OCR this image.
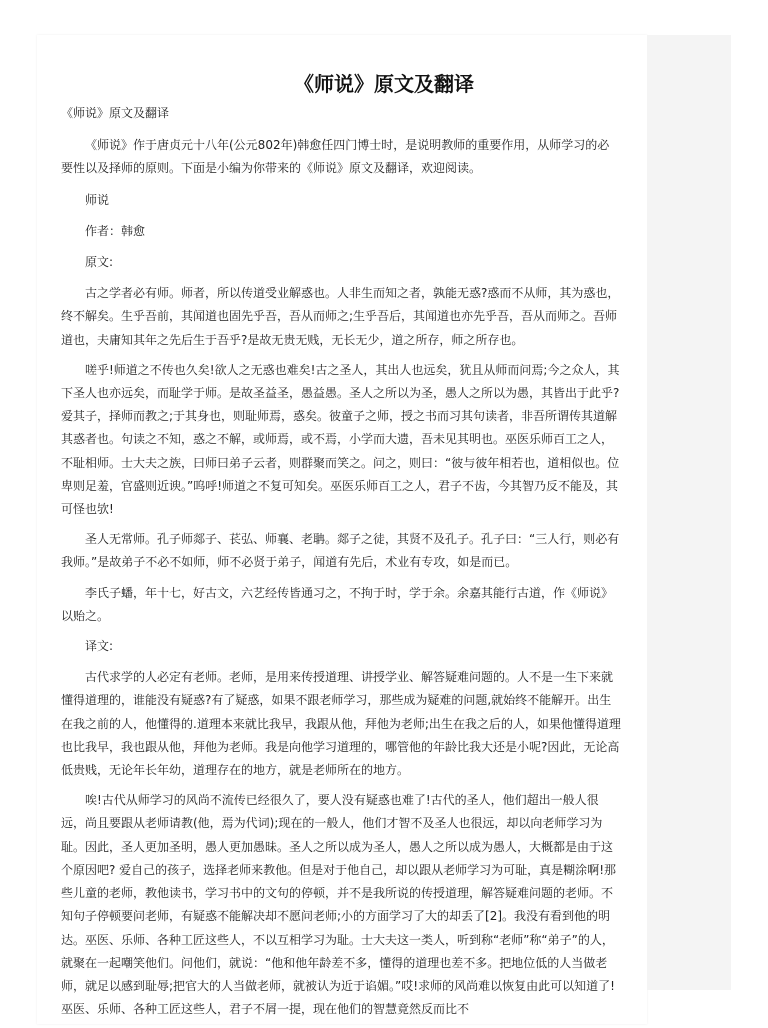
《师说》原文及翻译

《师说》原文及翻译

《师说》作于唐贞元十八年(公元802年)韩愈任四门博士时，是说明教师的重要作用，从师学习的必要性以及择师的原则。下面是小编为你带来的《师说》原文及翻译，欢迎阅读。

师说

作者：韩愈

原文:

古之学者必有师。师者，所以传道受业解惑也。人非生而知之者，孰能无惑?惑而不从师，其为惑也，终不解矣。生乎吾前，其闻道也固先乎吾，吾从而师之;生乎吾后，其闻道也亦先乎吾，吾从而师之。吾师道也，夫庸知其年之先后生于吾乎?是故无贵无贱，无长无少，道之所存，师之所存也。

嗟乎!师道之不传也久矣!欲人之无惑也难矣!古之圣人，其出人也远矣，犹且从师而问焉;今之众人，其下圣人也亦远矣，而耻学于师。是故圣益圣，愚益愚。圣人之所以为圣，愚人之所以为愚，其皆出于此乎?爱其子，择师而教之;于其身也，则耻师焉，惑矣。彼童子之师，授之书而习其句读者，非吾所谓传其道解其惑者也。句读之不知，惑之不解，或师焉，或不焉，小学而大遗，吾未见其明也。巫医乐师百工之人，不耻相师。士大夫之族，曰师曰弟子云者，则群聚而笑之。问之，则曰：“彼与彼年相若也，道相似也。位卑则足羞，官盛则近谀。”呜呼!师道之不复可知矣。巫医乐师百工之人，君子不齿，今其智乃反不能及，其可怪也欤!

圣人无常师。孔子师郯子、苌弘、师襄、老聃。郯子之徒，其贤不及孔子。孔子曰：“三人行，则必有我师。”是故弟子不必不如师，师不必贤于弟子，闻道有先后，术业有专攻，如是而已。

李氏子蟠，年十七，好古文，六艺经传皆通习之，不拘于时，学于余。余嘉其能行古道，作《师说》以贻之。

译文:

古代求学的人必定有老师。老师，是用来传授道理、讲授学业、解答疑难问题的。人不是一生下来就懂得道理的，谁能没有疑惑?有了疑惑，如果不跟老师学习，那些成为疑难的问题,就始终不能解开。出生在我之前的人，他懂得的.道理本来就比我早，我跟从他，拜他为老师;出生在我之后的人，如果他懂得道理也比我早，我也跟从他，拜他为老师。我是向他学习道理的，哪管他的年龄比我大还是小呢?因此，无论高低贵贱，无论年长年幼，道理存在的地方，就是老师所在的地方。

唉!古代从师学习的风尚不流传已经很久了，要人没有疑惑也难了!古代的圣人，他们超出一般人很远，尚且要跟从老师请教(他，焉为代词);现在的一般人，他们才智不及圣人也很远，却以向老师学习为耻。因此，圣人更加圣明，愚人更加愚昧。圣人之所以成为圣人，愚人之所以成为愚人，大概都是由于这个原因吧? 爱自己的孩子，选择老师来教他。但是对于他自己，却以跟从老师学习为可耻，真是糊涂啊!那些儿童的老师，教他读书，学习书中的文句的停顿，并不是我所说的传授道理，解答疑难问题的老师。不知句子停顿要问老师，有疑惑不能解决却不愿问老师;小的方面学习了大的却丢了[2]。我没有看到他的明达。巫医、乐师、各种工匠这些人，不以互相学习为耻。士大夫这一类人，听到称“老师”称“弟子”的人，就聚在一起嘲笑他们。问他们，就说：“他和他年龄差不多，懂得的道理也差不多。把地位低的人当做老师，就足以感到耻辱;把官大的人当做老师，就被认为近于谄媚。”哎!求师的风尚难以恢复由此可以知道了!巫医、乐师、各种工匠这些人，君子不屑一提，现在他们的智慧竟然反而比不
